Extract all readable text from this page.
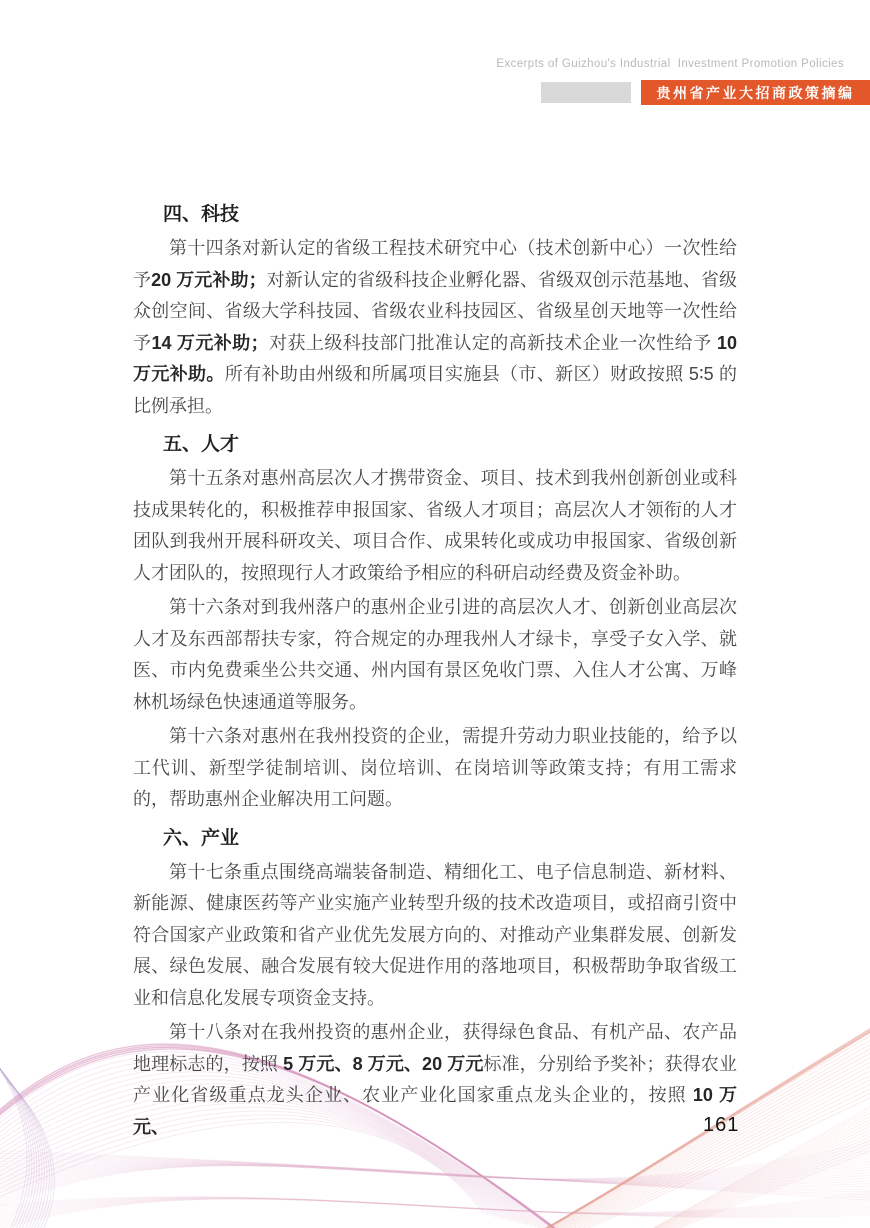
Excerpts of Guizhou's Industrial  Investment Promotion Policies
贵州省产业大招商政策摘编
四、科技

第十四条对新认定的省级工程技术研究中心（技术创新中心）一次性给予20 万元补助；对新认定的省级科技企业孵化器、省级双创示范基地、省级众创空间、省级大学科技园、省级农业科技园区、省级星创天地等一次性给予14 万元补助；对获上级科技部门批准认定的高新技术企业一次性给予 10 万元补助。所有补助由州级和所属项目实施县（市、新区）财政按照 5∶5 的比例承担。

五、人才

第十五条对惠州高层次人才携带资金、项目、技术到我州创新创业或科技成果转化的，积极推荐申报国家、省级人才项目；高层次人才领衔的人才团队到我州开展科研攻关、项目合作、成果转化或成功申报国家、省级创新人才团队的，按照现行人才政策给予相应的科研启动经费及资金补助。

第十六条对到我州落户的惠州企业引进的高层次人才、创新创业高层次人才及东西部帮扶专家，符合规定的办理我州人才绿卡，享受子女入学、就医、市内免费乘坐公共交通、州内国有景区免收门票、入住人才公寓、万峰林机场绿色快速通道等服务。

第十六条对惠州在我州投资的企业，需提升劳动力职业技能的，给予以工代训、新型学徒制培训、岗位培训、在岗培训等政策支持；有用工需求的，帮助惠州企业解决用工问题。

六、产业

第十七条重点围绕高端装备制造、精细化工、电子信息制造、新材料、新能源、健康医药等产业实施产业转型升级的技术改造项目，或招商引资中符合国家产业政策和省产业优先发展方向的、对推动产业集群发展、创新发展、绿色发展、融合发展有较大促进作用的落地项目，积极帮助争取省级工业和信息化发展专项资金支持。

第十八条对在我州投资的惠州企业，获得绿色食品、有机产品、农产品地理标志的，按照 5 万元、8 万元、20 万元标准，分别给予奖补；获得农业产业化省级重点龙头企业、农业产业化国家重点龙头企业的，按照 10 万元、	161
